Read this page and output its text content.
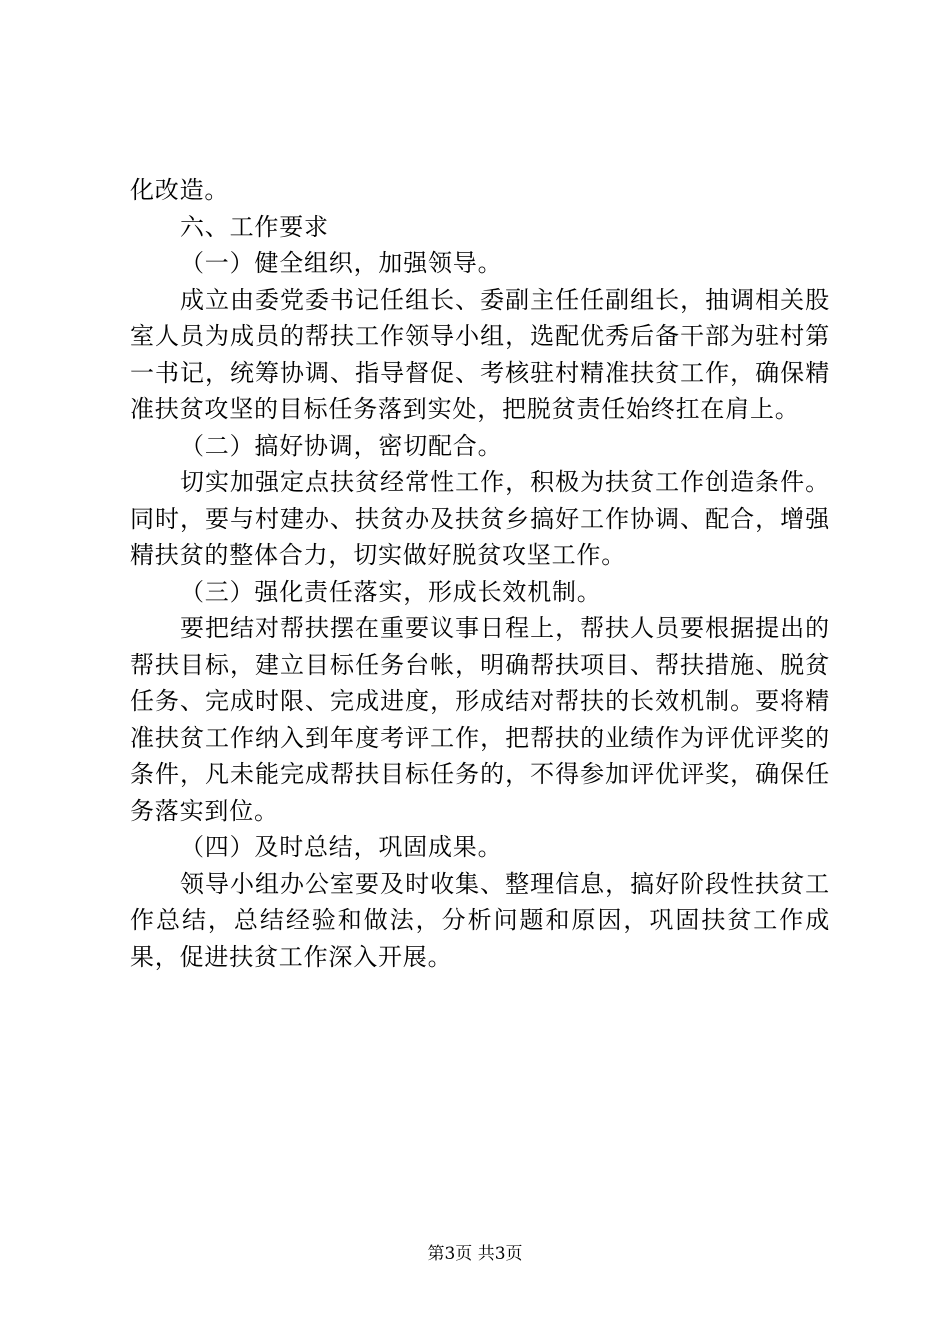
化改造。

六、工作要求

（一）健全组织，加强领导。

成立由委党委书记任组长、委副主任任副组长，抽调相关股室人员为成员的帮扶工作领导小组，选配优秀后备干部为驻村第一书记，统筹协调、指导督促、考核驻村精准扶贫工作，确保精准扶贫攻坚的目标任务落到实处，把脱贫责任始终扛在肩上。

（二）搞好协调，密切配合。

切实加强定点扶贫经常性工作，积极为扶贫工作创造条件。同时，要与村建办、扶贫办及扶贫乡搞好工作协调、配合，增强精扶贫的整体合力，切实做好脱贫攻坚工作。

（三）强化责任落实，形成长效机制。

要把结对帮扶摆在重要议事日程上，帮扶人员要根据提出的帮扶目标，建立目标任务台帐，明确帮扶项目、帮扶措施、脱贫任务、完成时限、完成进度，形成结对帮扶的长效机制。要将精准扶贫工作纳入到年度考评工作，把帮扶的业绩作为评优评奖的条件，凡未能完成帮扶目标任务的，不得参加评优评奖，确保任务落实到位。

（四）及时总结，巩固成果。

领导小组办公室要及时收集、整理信息，搞好阶段性扶贫工作总结，总结经验和做法，分析问题和原因，巩固扶贫工作成果，促进扶贫工作深入开展。

第3页 共3页
